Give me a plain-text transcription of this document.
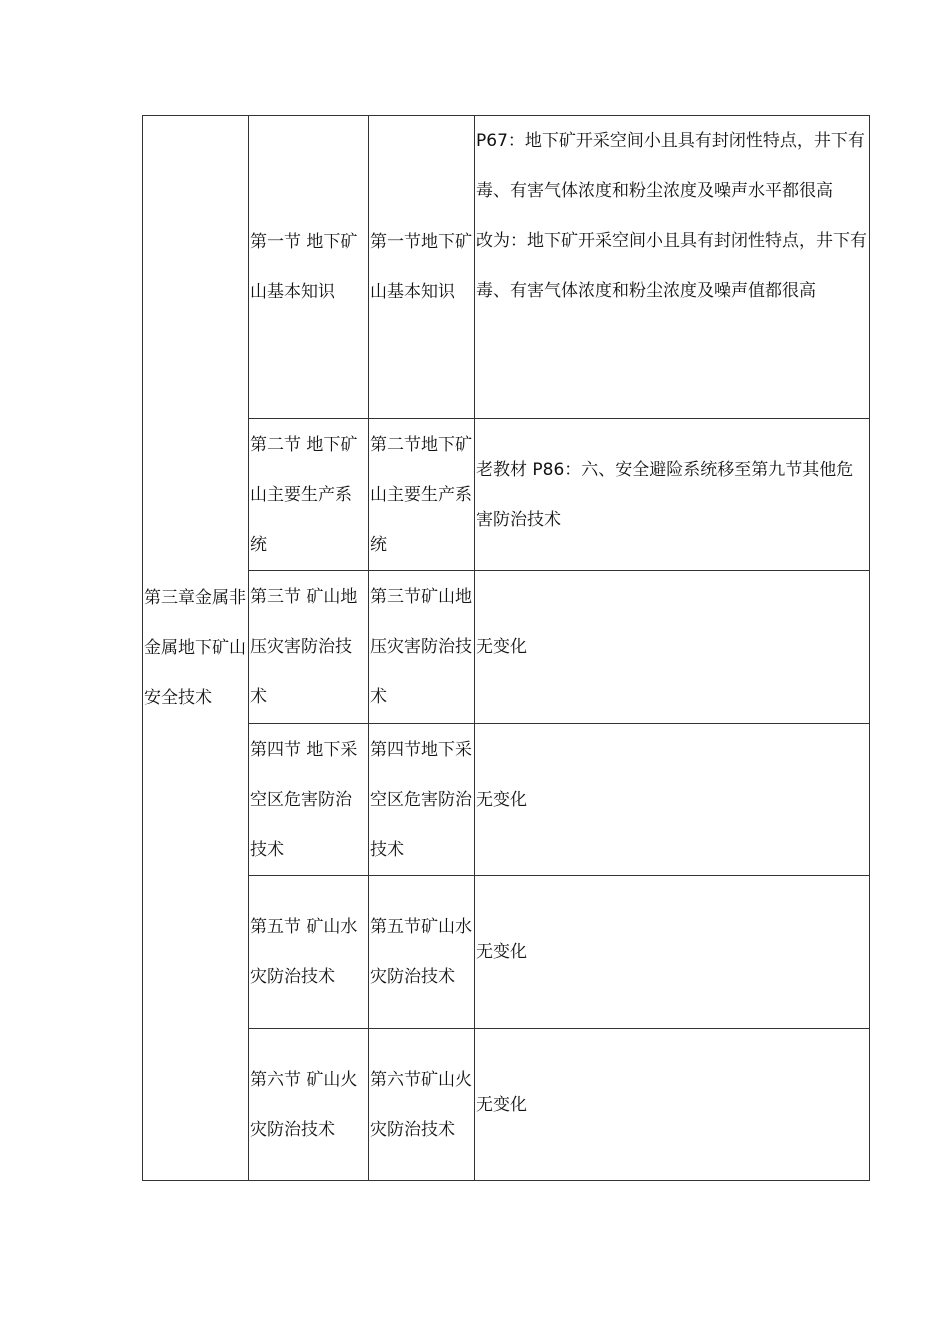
第三章金属非金属地下矿山安全技术	第一节 地下矿山基本知识	第一节地下矿山基本知识	P67：地下矿开采空间小且具有封闭性特点，井下有毒、有害气体浓度和粉尘浓度及噪声水平都很高
改为：地下矿开采空间小且具有封闭性特点，井下有毒、有害气体浓度和粉尘浓度及噪声值都很高

	第二节 地下矿山主要生产系统	第二节地下矿山主要生产系统	老教材 P86：六、安全避险系统移至第九节其他危害防治技术
	第三节 矿山地压灾害防治技术	第三节矿山地压灾害防治技术	无变化
	第四节 地下采空区危害防治技术	第四节地下采空区危害防治技术	无变化
	第五节 矿山水灾防治技术	第五节矿山水灾防治技术	无变化
	第六节 矿山火灾防治技术	第六节矿山火灾防治技术	无变化
